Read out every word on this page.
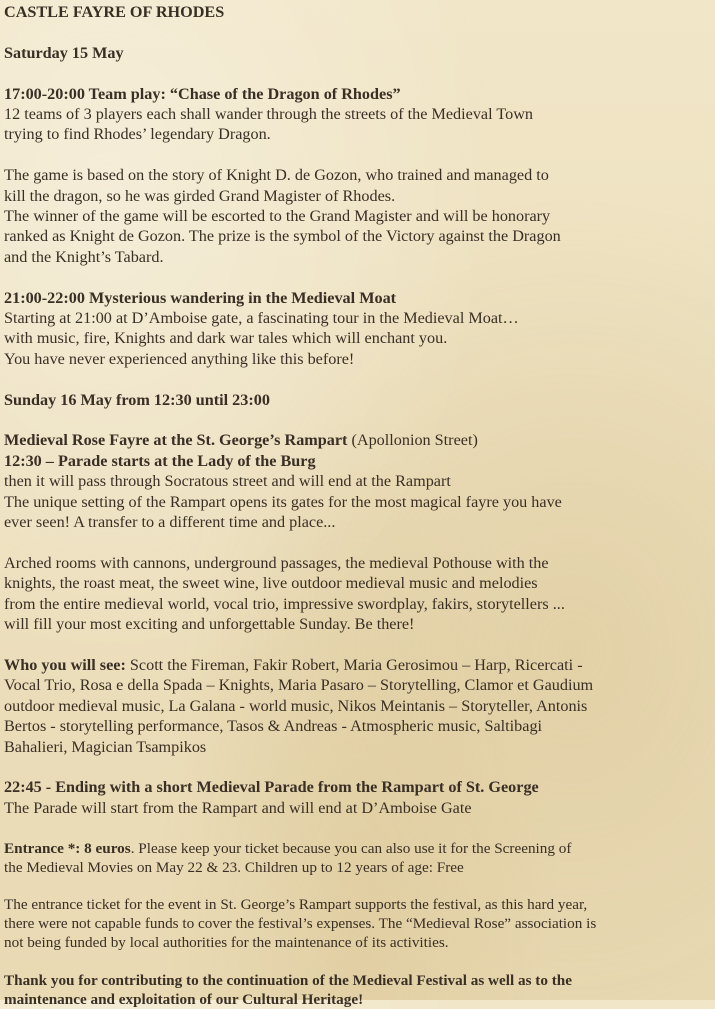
CASTLE FAYRE OF RHODES

Saturday 15 May

17:00-20:00 Team play: “Chase of the Dragon of Rhodes”

12 teams of 3 players each shall wander through the streets of the Medieval Town

trying to find Rhodes’ legendary Dragon.

The game is based on the story of Knight D. de Gozon, who trained and managed to

kill the dragon, so he was girded Grand Magister of Rhodes.

The winner of the game will be escorted to the Grand Magister and will be honorary

ranked as Knight de Gozon. The prize is the symbol of the Victory against the Dragon

and the Knight’s Tabard.

21:00-22:00 Mysterious wandering in the Medieval Moat

Starting at 21:00 at D’Amboise gate, a fascinating tour in the Medieval Moat…

with music, fire, Knights and dark war tales which will enchant you.

You have never experienced anything like this before!

Sunday 16 May from 12:30 until 23:00

Medieval Rose Fayre at the St. George’s Rampart (Apollonion Street)

12:30 – Parade starts at the Lady of the Burg

then it will pass through Socratous street and will end at the Rampart

The unique setting of the Rampart opens its gates for the most magical fayre you have

ever seen! A transfer to a different time and place...

Arched rooms with cannons, underground passages, the medieval Pothouse with the

knights, the roast meat, the sweet wine, live outdoor medieval music and melodies

from the entire medieval world, vocal trio, impressive swordplay, fakirs, storytellers ...

will fill your most exciting and unforgettable Sunday. Be there!

Who you will see: Scott the Fireman, Fakir Robert, Maria Gerosimou – Harp, Ricercati -

Vocal Trio, Rosa e della Spada – Knights, Maria Pasaro – Storytelling, Clamor et Gaudium

outdoor medieval music, La Galana - world music, Nikos Meintanis – Storyteller, Antonis

Bertos - storytelling performance, Tasos & Andreas - Atmospheric music, Saltibagi

Bahalieri, Magician Tsampikos

22:45 - Ending with a short Medieval Parade from the Rampart of St. George

The Parade will start from the Rampart and will end at D’Amboise Gate

Entrance *: 8 euros. Please keep your ticket because you can also use it for the Screening of

the Medieval Movies on May 22 & 23. Children up to 12 years of age: Free

The entrance ticket for the event in St. George’s Rampart supports the festival, as this hard year,

there were not capable funds to cover the festival’s expenses. The “Medieval Rose” association is

not being funded by local authorities for the maintenance of its activities.

Thank you for contributing to the continuation of the Medieval Festival as well as to the

maintenance and exploitation of our Cultural Heritage!
